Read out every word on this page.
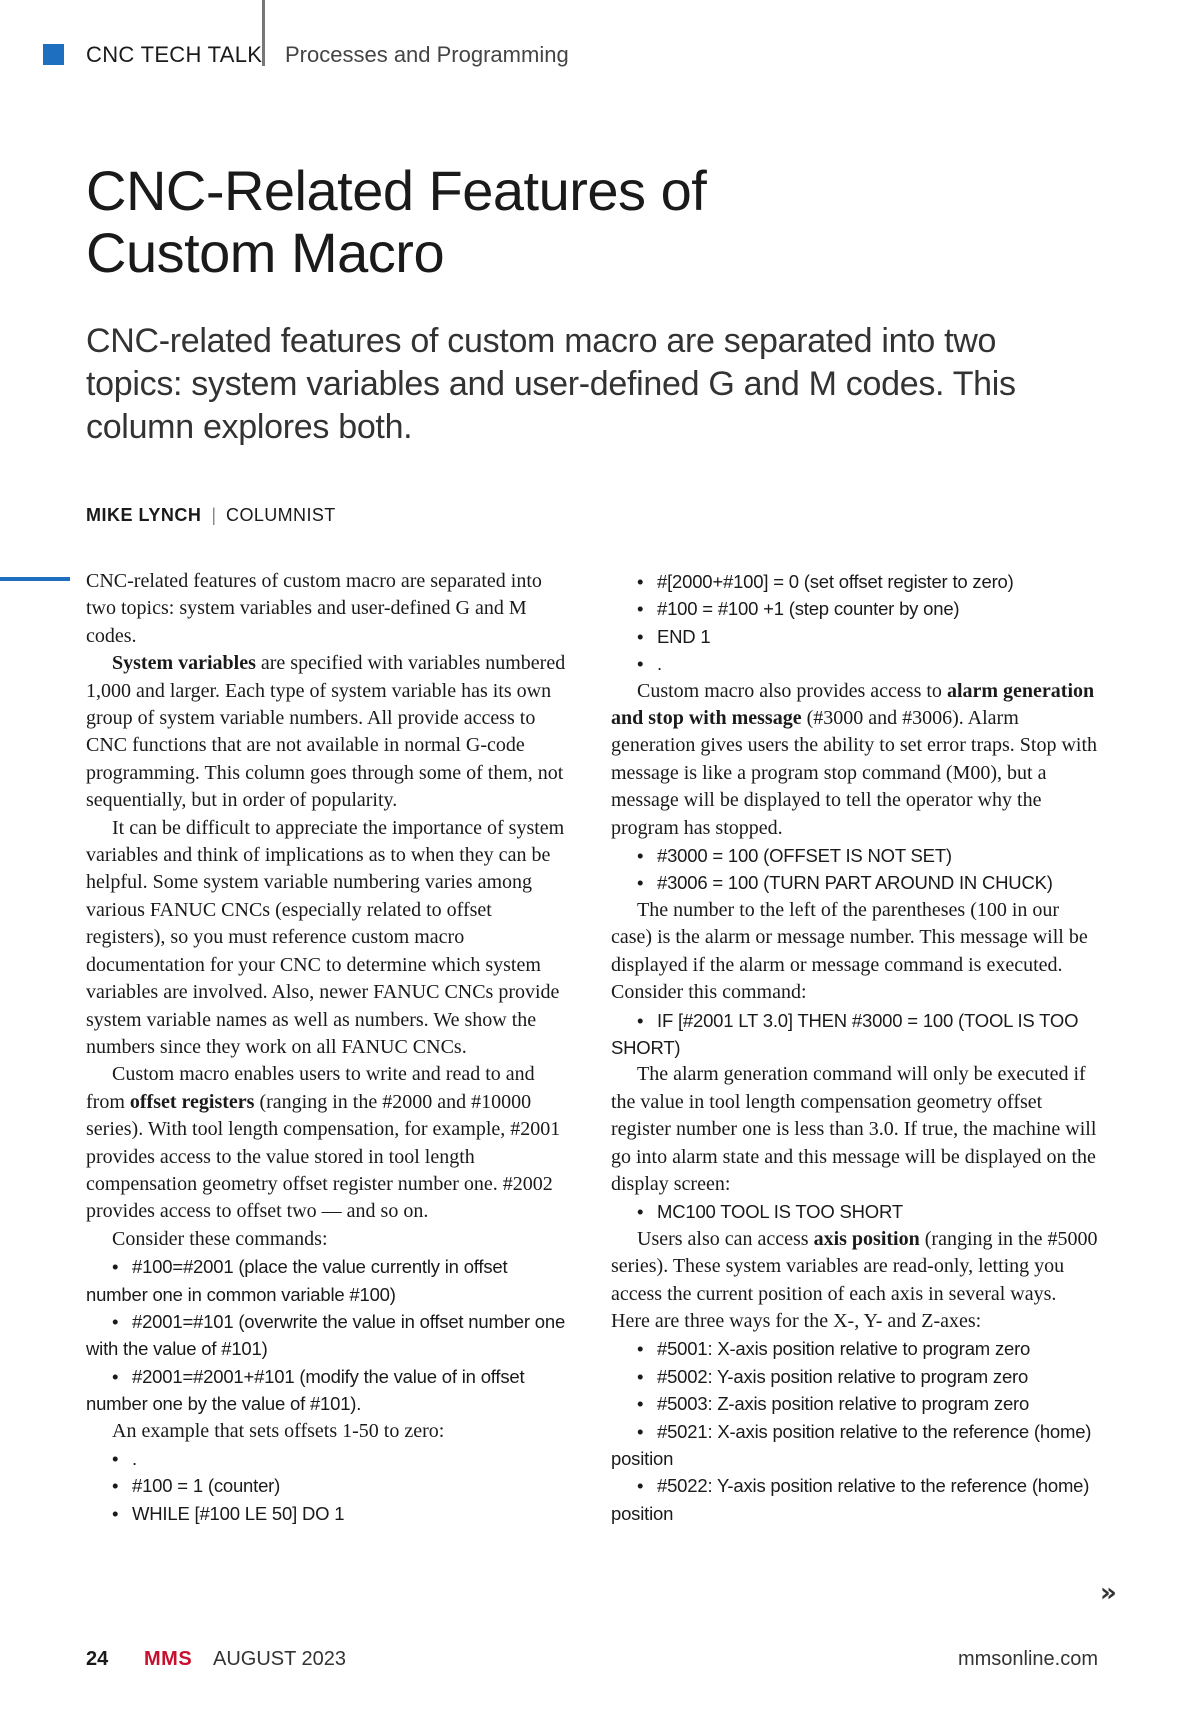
CNC TECH TALK Processes and Programming
CNC-Related Features of
Custom Macro

CNC-related features of custom macro are separated into two topics: system variables and user-defined G and M codes. This column explores both.

MIKE LYNCH | COLUMNIST

CNC-related features of custom macro are separated into two topics: system variables and user-defined G and M codes.

System variables are specified with variables numbered 1,000 and larger. Each type of system variable has its own group of system variable numbers. All provide access to CNC functions that are not available in normal G-code programming. This column goes through some of them, not sequentially, but in order of popularity.

It can be difficult to appreciate the importance of system variables and think of implications as to when they can be helpful. Some system variable numbering varies among various FANUC CNCs (especially related to offset registers), so you must reference custom macro documentation for your CNC to determine which system variables are involved. Also, newer FANUC CNCs provide system variable names as well as numbers. We show the numbers since they work on all FANUC CNCs.

Custom macro enables users to write and read to and from offset registers (ranging in the #2000 and #10000 series). With tool length compensation, for example, #2001 provides access to the value stored in tool length compensation geometry offset register number one. #2002 provides access to offset two — and so on.

Consider these commands:

• #100=#2001 (place the value currently in offset number one in common variable #100)

• #2001=#101 (overwrite the value in offset number one with the value of #101)

• #2001=#2001+#101 (modify the value of in offset number one by the value of #101).

An example that sets offsets 1-50 to zero:

• .

• #100 = 1 (counter)

• WHILE [#100 LE 50] DO 1

• #[2000+#100] = 0 (set offset register to zero)

• #100 = #100 +1 (step counter by one)

• END 1

• .

Custom macro also provides access to alarm generation and stop with message (#3000 and #3006). Alarm generation gives users the ability to set error traps. Stop with message is like a program stop command (M00), but a message will be displayed to tell the operator why the program has stopped.

• #3000 = 100 (OFFSET IS NOT SET)

• #3006 = 100 (TURN PART AROUND IN CHUCK)

The number to the left of the parentheses (100 in our case) is the alarm or message number. This message will be displayed if the alarm or message command is executed. Consider this command:

• IF [#2001 LT 3.0] THEN #3000 = 100 (TOOL IS TOO SHORT)

The alarm generation command will only be executed if the value in tool length compensation geometry offset register number one is less than 3.0. If true, the machine will go into alarm state and this message will be displayed on the display screen:

• MC100 TOOL IS TOO SHORT

Users also can access axis position (ranging in the #5000 series). These system variables are read-only, letting you access the current position of each axis in several ways. Here are three ways for the X-, Y- and Z-axes:

• #5001: X-axis position relative to program zero

• #5002: Y-axis position relative to program zero

• #5003: Z-axis position relative to program zero

• #5021: X-axis position relative to the reference (home) position

• #5022: Y-axis position relative to the reference (home) position

»
24 MMS AUGUST 2023	mmsonline.com
